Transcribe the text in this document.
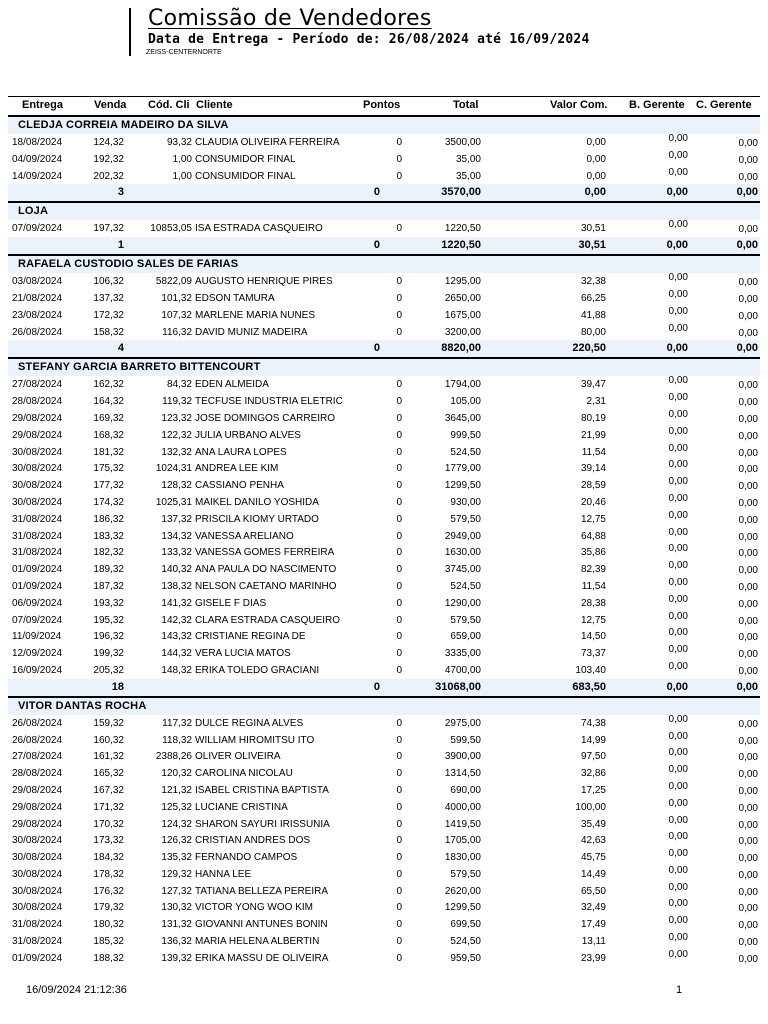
Comissão de Vendedores
Data de Entrega - Período de: 26/08/2024 até 16/09/2024
ZEISS-CENTERNORTE
Entrega	Venda Cód. Cli Cliente	Pontos	Total	Valor Com. B. Gerente C. Gerente
CLEDJA CORREIA MADEIRO DA SILVA
18/08/2024	124,32	93,32 CLAUDIA OLIVEIRA FERREIRA	0	3500,00	0,00	0,00	0,00
04/09/2024	192,32	1,00 CONSUMIDOR FINAL	0	35,00	0,00	0,00	0,00
14/09/2024	202,32	1,00 CONSUMIDOR FINAL	0	35,00	0,00	0,00	0,00
3	0	3570,00	0,00	0,00	0,00
LOJA
07/09/2024	197,32	10853,05 ISA ESTRADA CASQUEIRO	0	1220,50	30,51	0,00	0,00
1	0	1220,50	30,51	0,00	0,00
RAFAELA CUSTODIO SALES DE FARIAS
03/08/2024	106,32	5822,09 AUGUSTO HENRIQUE PIRES	0	1295,00	32,38	0,00	0,00
21/08/2024	137,32	101,32 EDSON TAMURA	0	2650,00	66,25	0,00	0,00
23/08/2024	172,32	107,32 MARLENE MARIA NUNES	0	1675,00	41,88	0,00	0,00
26/08/2024	158,32	116,32 DAVID MUNIZ MADEIRA	0	3200,00	80,00	0,00	0,00
4	0	8820,00	220,50	0,00	0,00
STEFANY GARCIA BARRETO BITTENCOURT
27/08/2024	162,32	84,32 EDEN ALMEIDA	0	1794,00	39,47	0,00	0,00
28/08/2024	164,32	119,32 TECFUSE INDUSTRIA ELETRIC	0	105,00	2,31	0,00	0,00
29/08/2024	169,32	123,32 JOSE DOMINGOS CARREIRO	0	3645,00	80,19	0,00	0,00
29/08/2024	168,32	122,32 JULIA URBANO ALVES	0	999,50	21,99	0,00	0,00
30/08/2024	181,32	132,32 ANA LAURA LOPES	0	524,50	11,54	0,00	0,00
30/08/2024	175,32	1024,31 ANDREA LEE KIM	0	1779,00	39,14	0,00	0,00
30/08/2024	177,32	128,32 CASSIANO PENHA	0	1299,50	28,59	0,00	0,00
30/08/2024	174,32	1025,31 MAIKEL DANILO YOSHIDA	0	930,00	20,46	0,00	0,00
31/08/2024	186,32	137,32 PRISCILA KIOMY URTADO	0	579,50	12,75	0,00	0,00
31/08/2024	183,32	134,32 VANESSA ARELIANO	0	2949,00	64,88	0,00	0,00
31/08/2024	182,32	133,32 VANESSA GOMES FERREIRA	0	1630,00	35,86	0,00	0,00
01/09/2024	189,32	140,32 ANA PAULA DO NASCIMENTO	0	3745,00	82,39	0,00	0,00
01/09/2024	187,32	138,32 NELSON CAETANO MARINHO	0	524,50	11,54	0,00	0,00
06/09/2024	193,32	141,32 GISELE F DIAS	0	1290,00	28,38	0,00	0,00
07/09/2024	195,32	142,32 CLARA ESTRADA CASQUEIRO	0	579,50	12,75	0,00	0,00
11/09/2024	196,32	143,32 CRISTIANE REGINA DE	0	659,00	14,50	0,00	0,00
12/09/2024	199,32	144,32 VERA LUCIA MATOS	0	3335,00	73,37	0,00	0,00
16/09/2024	205,32	148,32 ERIKA TOLEDO GRACIANI	0	4700,00	103,40	0,00	0,00
18	0	31068,00	683,50	0,00	0,00
VITOR DANTAS ROCHA
26/08/2024	159,32	117,32 DULCE REGINA ALVES	0	2975,00	74,38	0,00	0,00
26/08/2024	160,32	118,32 WILLIAM HIROMITSU ITO	0	599,50	14,99	0,00	0,00
27/08/2024	161,32	2388,26 OLIVER OLIVEIRA	0	3900,00	97,50	0,00	0,00
28/08/2024	165,32	120,32 CAROLINA NICOLAU	0	1314,50	32,86	0,00	0,00
29/08/2024	167,32	121,32 ISABEL CRISTINA BAPTISTA	0	690,00	17,25	0,00	0,00
29/08/2024	171,32	125,32 LUCIANE CRISTINA	0	4000,00	100,00	0,00	0,00
29/08/2024	170,32	124,32 SHARON SAYURI IRISSUNIA	0	1419,50	35,49	0,00	0,00
30/08/2024	173,32	126,32 CRISTIAN ANDRES DOS	0	1705,00	42,63	0,00	0,00
30/08/2024	184,32	135,32 FERNANDO CAMPOS	0	1830,00	45,75	0,00	0,00
30/08/2024	178,32	129,32 HANNA LEE	0	579,50	14,49	0,00	0,00
30/08/2024	176,32	127,32 TATIANA BELLEZA PEREIRA	0	2620,00	65,50	0,00	0,00
30/08/2024	179,32	130,32 VICTOR YONG WOO KIM	0	1299,50	32,49	0,00	0,00
31/08/2024	180,32	131,32 GIOVANNI ANTUNES BONIN	0	699,50	17,49	0,00	0,00
31/08/2024	185,32	136,32 MARIA HELENA ALBERTIN	0	524,50	13,11	0,00	0,00
01/09/2024	188,32	139,32 ERIKA MASSU DE OLIVEIRA	0	959,50	23,99	0,00	0,00
16/09/2024 21:12:36	1
